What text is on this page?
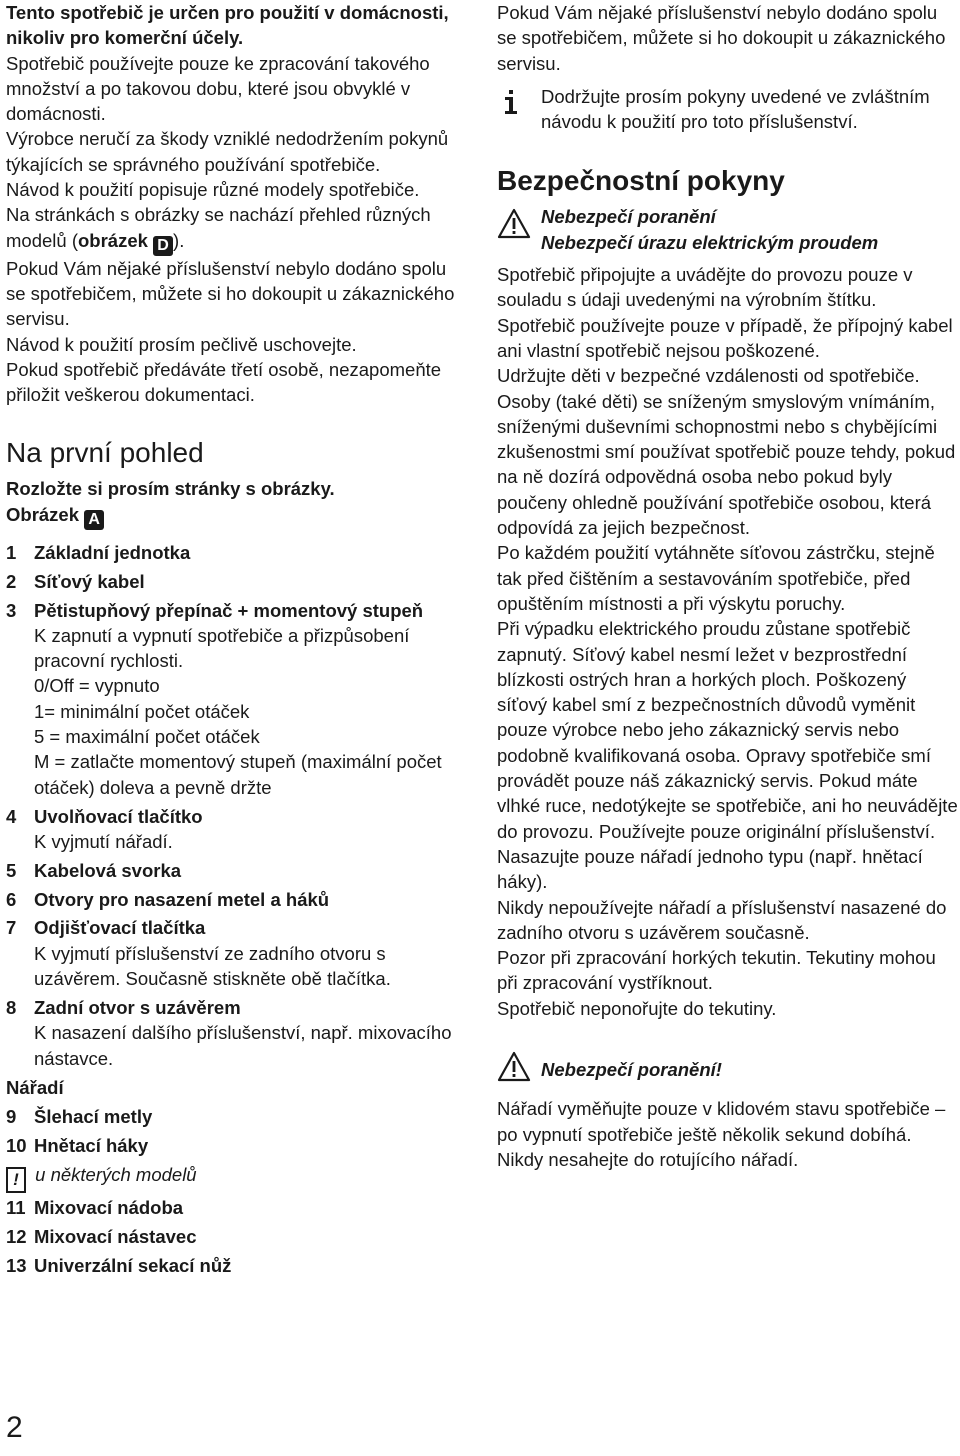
Tento spotřebič je určen pro použití v domácnosti, nikoliv pro komerční účely.

Spotřebič používejte pouze ke zpracování takového množství a po takovou dobu, které jsou obvyklé v domácnosti.

Výrobce neručí za škody vzniklé nedodržením pokynů týkajících se správného používání spotřebiče.

Návod k použití popisuje různé modely spotřebiče.

Na stránkách s obrázky se nachází přehled různých modelů (obrázek D ).

Pokud Vám nějaké příslušenství nebylo dodáno spolu se spotřebičem, můžete si ho dokoupit u zákaznického servisu.

Návod k použití prosím pečlivě uschovejte.

Pokud spotřebič předáváte třetí osobě, nezapomeňte přiložit veškerou dokumentaci.

Na první pohled

Rozložte si prosím stránky s obrázky.

Obrázek A

1 Základní jednotka
2 Síťový kabel
3 Pětistupňový přepínač + momentový stupeň
K zapnutí a vypnutí spotřebiče a přizpůsobení pracovní rychlosti.
0/Off = vypnuto
1= minimální počet otáček
5 = maximální počet otáček
M = zatlačte momentový stupeň (maximální počet otáček) doleva a pevně držte
4 Uvolňovací tlačítko
K vyjmutí nářadí.
5 Kabelová svorka
6 Otvory pro nasazení metel a háků
7 Odjišťovací tlačítka
K vyjmutí příslušenství ze zadního otvoru s uzávěrem. Současně stiskněte obě tlačítka.
8 Zadní otvor s uzávěrem
K nasazení dalšího příslušenství, např. mixovacího nástavce.

Nářadí

9 Šlehací metly
10 Hnětací háky

! u některých modelů

11 Mixovací nádoba
12 Mixovací nástavec
13 Univerzální sekací nůž
2

Pokud Vám nějaké příslušenství nebylo dodáno spolu se spotřebičem, můžete si ho dokoupit u zákaznického servisu.

Dodržujte prosím pokyny uvedené ve zvláštním návodu k použití pro toto příslušenství.

Bezpečnostní pokyny

Nebezpečí poranění

Nebezpečí úrazu elektrickým proudem

Spotřebič připojujte a uvádějte do provozu pouze v souladu s údaji uvedenými na výrobním štítku.

Spotřebič používejte pouze v případě, že přípojný kabel ani vlastní spotřebič nejsou poškozené.

Udržujte děti v bezpečné vzdálenosti od spotřebiče. Osoby (také děti) se sníženým smyslovým vnímáním, sníženými duševními schopnostmi nebo s chybějícími zkušenostmi smí používat spotřebič pouze tehdy, pokud na ně dozírá odpovědná osoba nebo pokud byly poučeny ohledně používání spotřebiče osobou, která odpovídá za jejich bezpečnost.

Po každém použití vytáhněte síťovou zástrčku, stejně tak před čištěním a sestavováním spotřebiče, před opuštěním místnosti a při výskytu poruchy.

Při výpadku elektrického proudu zůstane spotřebič zapnutý. Síťový kabel nesmí ležet v bezprostřední blízkosti ostrých hran a horkých ploch. Poškozený síťový kabel smí z bezpečnostních důvodů vyměnit pouze výrobce nebo jeho zákaznický servis nebo podobně kvalifikovaná osoba. Opravy spotřebiče smí provádět pouze náš zákaznický servis. Pokud máte vlhké ruce, nedotýkejte se spotřebiče, ani ho neuvádějte do provozu. Používejte pouze originální příslušenství. Nasazujte pouze nářadí jednoho typu (např. hnětací háky).

Nikdy nepoužívejte nářadí a příslušenství nasazené do zadního otvoru s uzávěrem současně.

Pozor při zpracování horkých tekutin. Tekutiny mohou při zpracování vystříknout.

Spotřebič neponořujte do tekutiny.

Nebezpečí poranění!

Nářadí vyměňujte pouze v klidovém stavu spotřebiče – po vypnutí spotřebiče ještě několik sekund dobíhá. Nikdy nesahejte do rotujícího nářadí.
